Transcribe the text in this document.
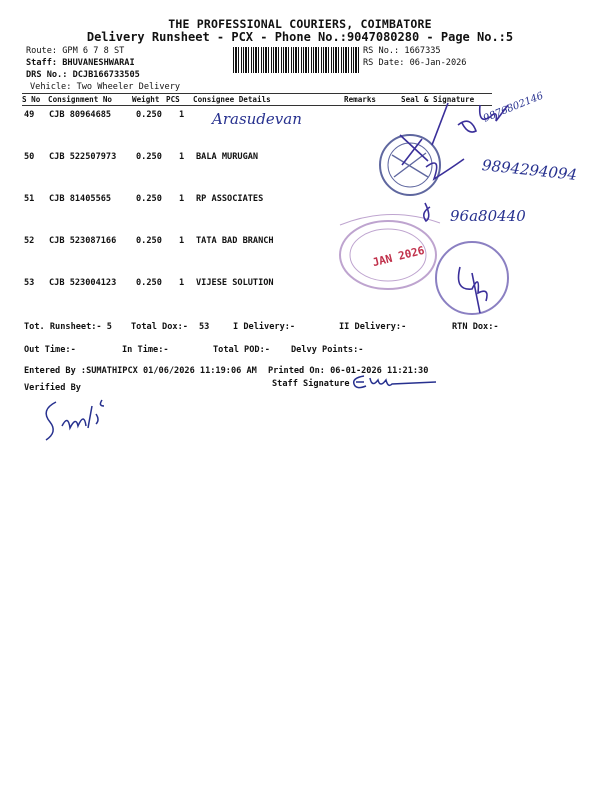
THE PROFESSIONAL COURIERS, COIMBATORE
Delivery Runsheet - PCX - Phone No.:9047080280 - Page No.:5
Route: GPM 6 7 8 ST
Staff: BHUVANESHWARAI
DRS No.: DCJB166733505
Vehicle: Two Wheeler Delivery
RS No.: 1667335
RS Date: 06-Jan-2026
S No Consignment No	Weight PCS Consignee Details	Remarks	Seal & Signature
49 CJB 80964685	0.250 1 Arasudevan	9876802146
50 CJB 522507973 0.250 1 BALA MURUGAN	9894294094
51 CJB 81405565	0.250 1 RP ASSOCIATES
96a80440
52 CJB 523087166 0.250 1 TATA BAD BRANCH
53 CJB 523004123 0.250 1 VIJESE SOLUTION
JAN 2026
Tot. Runsheet:- 5 Total Dox:- 53	I Delivery:-	II Delivery:-	RTN Dox:-
Out Time:-	In Time:-	Total POD:- Delvy Points:-
Entered By :SUMATHIPCX 01/06/2026 11:19:06 AM Printed On: 06-01-2026 11:21:30
Verified By	Staff Signature
